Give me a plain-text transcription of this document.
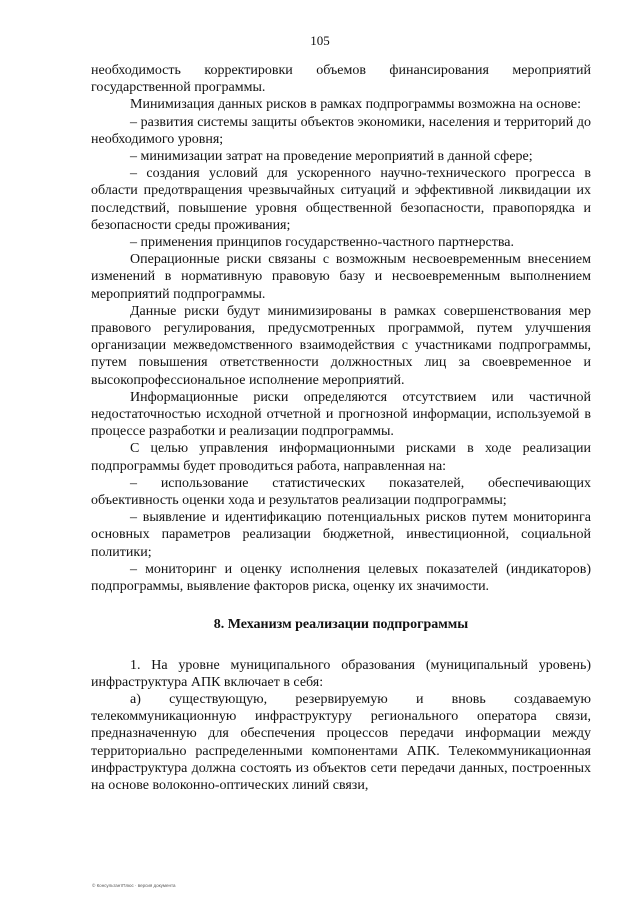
105

необходимость корректировки объемов финансирования мероприятий государственной программы.

Минимизация данных рисков в рамках подпрограммы возможна на основе:

– развития системы защиты объектов экономики, населения и территорий до необходимого уровня;

– минимизации затрат на проведение мероприятий в данной сфере;

– создания условий для ускоренного научно-технического прогресса в области предотвращения чрезвычайных ситуаций и эффективной ликвидации их последствий, повышение уровня общественной безопасности, правопорядка и безопасности среды проживания;

– применения принципов государственно-частного партнерства.

Операционные риски связаны с возможным несвоевременным внесением изменений в нормативную правовую базу и несвоевременным выполнением мероприятий подпрограммы.

Данные риски будут минимизированы в рамках совершенствования мер правового регулирования, предусмотренных программой, путем улучшения организации межведомственного взаимодействия с участниками подпрограммы, путем повышения ответственности должностных лиц за своевременное и высокопрофессиональное исполнение мероприятий.

Информационные риски определяются отсутствием или частичной недостаточностью исходной отчетной и прогнозной информации, используемой в процессе разработки и реализации подпрограммы.

С целью управления информационными рисками в ходе реализации подпрограммы будет проводиться работа, направленная на:

– использование статистических показателей, обеспечивающих объективность оценки хода и результатов реализации подпрограммы;

– выявление и идентификацию потенциальных рисков путем мониторинга основных параметров реализации бюджетной, инвестиционной, социальной политики;

– мониторинг и оценку исполнения целевых показателей (индикаторов) подпрограммы, выявление факторов риска, оценку их значимости.

8. Механизм реализации подпрограммы

1. На уровне муниципального образования (муниципальный уровень) инфраструктура АПК включает в себя:

а) существующую, резервируемую и вновь создаваемую телекоммуникационную инфраструктуру регионального оператора связи, предназначенную для обеспечения процессов передачи информации между территориально распределенными компонентами АПК. Телекоммуникационная инфраструктура должна состоять из объектов сети передачи данных, построенных на основе волоконно-оптических линий связи,

© КонсультантПлюс · версия документа
